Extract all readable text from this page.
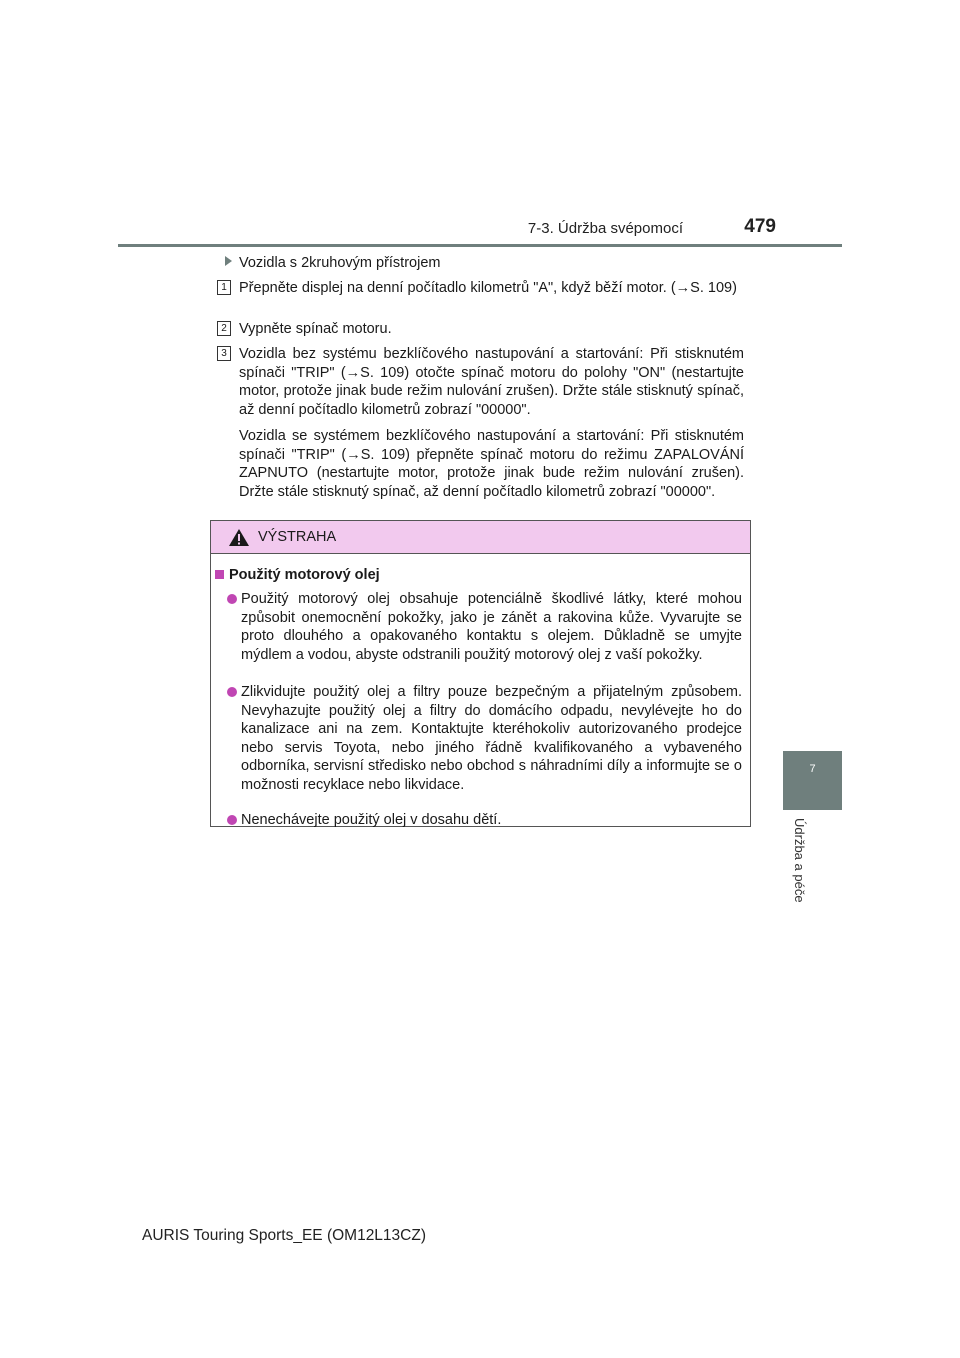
7-3. Údržba svépomocí	479
7
Údržba a péče
Vozidla s 2kruhovým přístrojem
1 Přepněte displej na denní počítadlo kilometrů "A", když běží motor. (→S. 109)

2 Vypněte spínač motoru.

3 Vozidla bez systému bezklíčového nastupování a startování: Při stisknutém spínači "TRIP" (→S. 109) otočte spínač motoru do polohy "ON" (nestartujte motor, protože jinak bude režim nulování zrušen). Držte stále stisknutý spínač, až denní počítadlo kilometrů zobrazí "00000".

Vozidla se systémem bezklíčového nastupování a startování: Při stisknutém spínači "TRIP" (→S. 109) přepněte spínač motoru do režimu ZAPALOVÁNÍ ZAPNUTO (nestartujte motor, protože jinak bude režim nulování zrušen). Držte stále stisknutý spínač, až denní počítadlo kilometrů zobrazí "00000".

VÝSTRAHA
Použitý motorový olej
Použitý motorový olej obsahuje potenciálně škodlivé látky, které mohou způsobit onemocnění pokožky, jako je zánět a rakovina kůže. Vyvarujte se proto dlouhého a opakovaného kontaktu s olejem. Důkladně se umyjte mýdlem a vodou, abyste odstranili použitý motorový olej z vaší pokožky.
Zlikvidujte použitý olej a filtry pouze bezpečným a přijatelným způsobem. Nevyhazujte použitý olej a filtry do domácího odpadu, nevylévejte ho do kanalizace ani na zem. Kontaktujte kteréhokoliv autorizovaného prodejce nebo servis Toyota, nebo jiného řádně kvalifikovaného a vybaveného odborníka, servisní středisko nebo obchod s náhradními díly a informujte se o možnosti recyklace nebo likvidace.
Nenechávejte použitý olej v dosahu dětí.
AURIS Touring Sports_EE (OM12L13CZ)
